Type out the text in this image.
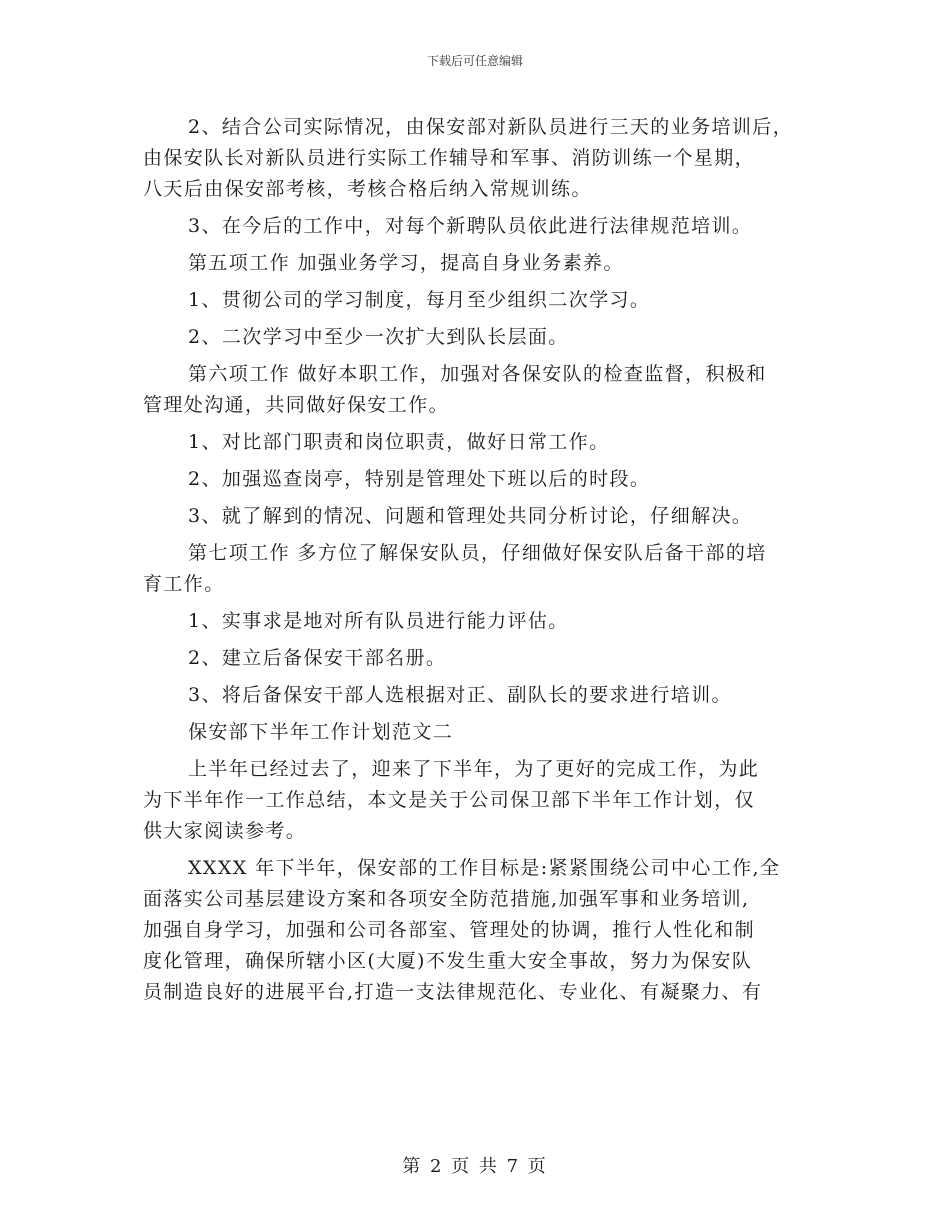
下载后可任意编辑
2、结合公司实际情况，由保安部对新队员进行三天的业务培训后，
由保安队长对新队员进行实际工作辅导和军事、消防训练一个星期，
八天后由保安部考核，考核合格后纳入常规训练。
3、在今后的工作中，对每个新聘队员依此进行法律规范培训。
第五项工作 加强业务学习，提高自身业务素养。
1、贯彻公司的学习制度，每月至少组织二次学习。
2、二次学习中至少一次扩大到队长层面。
第六项工作 做好本职工作，加强对各保安队的检查监督，积极和
管理处沟通，共同做好保安工作。
1、对比部门职责和岗位职责，做好日常工作。
2、加强巡查岗亭，特别是管理处下班以后的时段。
3、就了解到的情况、问题和管理处共同分析讨论，仔细解决。
第七项工作 多方位了解保安队员，仔细做好保安队后备干部的培
育工作。
1、实事求是地对所有队员进行能力评估。
2、建立后备保安干部名册。
3、将后备保安干部人选根据对正、副队长的要求进行培训。
保安部下半年工作计划范文二
上半年已经过去了，迎来了下半年，为了更好的完成工作，为此
为下半年作一工作总结，本文是关于公司保卫部下半年工作计划，仅
供大家阅读参考。
XXXX 年下半年，保安部的工作目标是:紧紧围绕公司中心工作,全
面落实公司基层建设方案和各项安全防范措施,加强军事和业务培训,
加强自身学习，加强和公司各部室、管理处的协调，推行人性化和制
度化管理，确保所辖小区(大厦)不发生重大安全事故，努力为保安队
员制造良好的进展平台,打造一支法律规范化、专业化、有凝聚力、有
第 2 页 共 7 页
